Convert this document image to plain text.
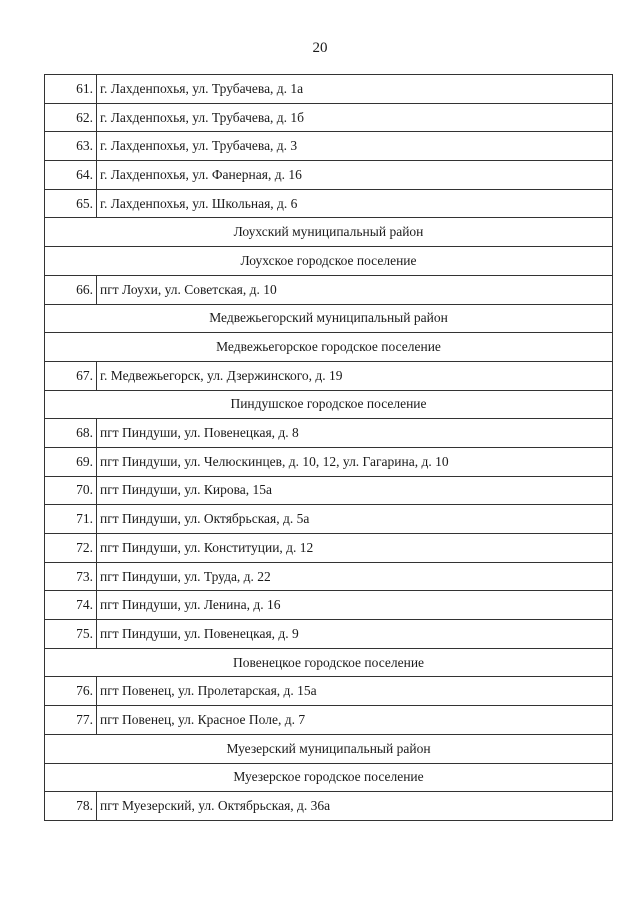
20
61.	г. Лахденпохья, ул. Трубачева, д. 1а
62.	г. Лахденпохья, ул. Трубачева, д. 1б
63.	г. Лахденпохья, ул. Трубачева, д. 3
64.	г. Лахденпохья, ул. Фанерная, д. 16
65.	г. Лахденпохья, ул. Школьная, д. 6
Лоухский муниципальный район	
Лоухское городское поселение	
66.	пгт Лоухи, ул. Советская, д. 10
Медвежьегорский муниципальный район	
Медвежьегорское городское поселение	
67.	г. Медвежьегорск, ул. Дзержинского, д. 19
Пиндушское городское поселение	
68.	пгт Пиндуши, ул. Повенецкая, д. 8
69.	пгт Пиндуши, ул. Челюскинцев, д. 10, 12, ул. Гагарина, д. 10
70.	пгт Пиндуши, ул. Кирова, 15а
71.	пгт Пиндуши, ул. Октябрьская, д. 5а
72.	пгт Пиндуши, ул. Конституции, д. 12
73.	пгт Пиндуши, ул. Труда, д. 22
74.	пгт Пиндуши, ул. Ленина, д. 16
75.	пгт Пиндуши, ул. Повенецкая, д. 9
Повенецкое городское поселение	
76.	пгт Повенец, ул. Пролетарская, д. 15а
77.	пгт Повенец, ул. Красное Поле, д. 7
Муезерский муниципальный район	
Муезерское городское поселение	
78.	пгт Муезерский, ул. Октябрьская, д. 36а
